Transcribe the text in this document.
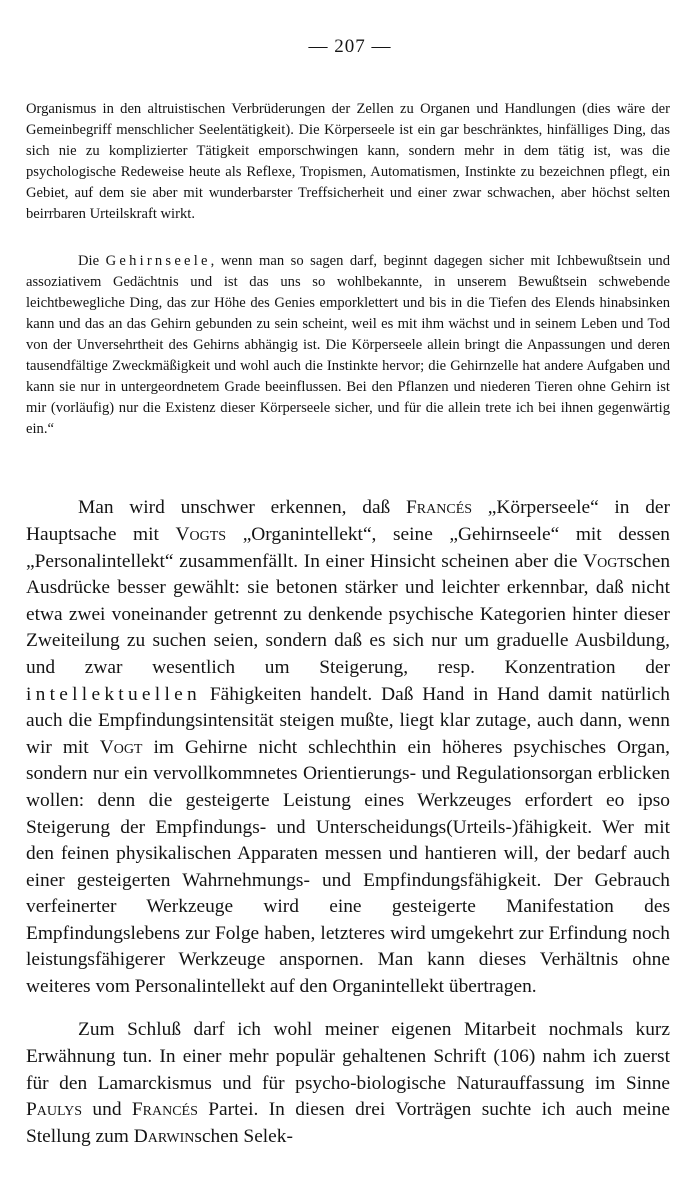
— 207 —

Organismus in den altruistischen Verbrüderungen der Zellen zu Organen und Handlungen (dies wäre der Gemeinbegriff menschlicher Seelentätigkeit). Die Körperseele ist ein gar beschränktes, hinfälliges Ding, das sich nie zu komplizierter Tätigkeit emporschwingen kann, sondern mehr in dem tätig ist, was die psychologische Redeweise heute als Reflexe, Tropismen, Automatismen, Instinkte zu bezeichnen pflegt, ein Gebiet, auf dem sie aber mit wunderbarster Treffsicherheit und einer zwar schwachen, aber höchst selten beirrbaren Urteilskraft wirkt.

Die Gehirnseele, wenn man so sagen darf, beginnt dagegen sicher mit Ichbewußtsein und assoziativem Gedächtnis und ist das uns so wohlbekannte, in unserem Bewußtsein schwebende leichtbewegliche Ding, das zur Höhe des Genies emporklettert und bis in die Tiefen des Elends hinabsinken kann und das an das Gehirn gebunden zu sein scheint, weil es mit ihm wächst und in seinem Leben und Tod von der Unversehrtheit des Gehirns abhängig ist. Die Körperseele allein bringt die Anpassungen und deren tausendfältige Zweckmäßigkeit und wohl auch die Instinkte hervor; die Gehirnzelle hat andere Aufgaben und kann sie nur in untergeordnetem Grade beeinflussen. Bei den Pflanzen und niederen Tieren ohne Gehirn ist mir (vorläufig) nur die Existenz dieser Körperseele sicher, und für die allein trete ich bei ihnen gegenwärtig ein.“

Man wird unschwer erkennen, daß Francés „Körperseele“ in der Hauptsache mit Vogts „Organintellekt“, seine „Gehirnseele“ mit dessen „Personalintellekt“ zusammenfällt. In einer Hinsicht scheinen aber die Vogtschen Ausdrücke besser gewählt: sie betonen stärker und leichter erkennbar, daß nicht etwa zwei voneinander getrennt zu denkende psychische Kategorien hinter dieser Zweiteilung zu suchen seien, sondern daß es sich nur um graduelle Ausbildung, und zwar wesentlich um Steigerung, resp. Konzentration der intellektuellen Fähigkeiten handelt. Daß Hand in Hand damit natürlich auch die Empfindungsintensität steigen mußte, liegt klar zutage, auch dann, wenn wir mit Vogt im Gehirne nicht schlechthin ein höheres psychisches Organ, sondern nur ein vervollkommnetes Orientierungs- und Regulationsorgan erblicken wollen: denn die gesteigerte Leistung eines Werkzeuges erfordert eo ipso Steigerung der Empfindungs- und Unterscheidungs(Urteils-)fähigkeit. Wer mit den feinen physikalischen Apparaten messen und hantieren will, der bedarf auch einer gesteigerten Wahrnehmungs- und Empfindungsfähigkeit. Der Gebrauch verfeinerter Werkzeuge wird eine gesteigerte Manifestation des Empfindungslebens zur Folge haben, letzteres wird umgekehrt zur Erfindung noch leistungsfähigerer Werkzeuge anspornen. Man kann dieses Verhältnis ohne weiteres vom Personalintellekt auf den Organintellekt übertragen.

Zum Schluß darf ich wohl meiner eigenen Mitarbeit nochmals kurz Erwähnung tun. In einer mehr populär gehaltenen Schrift (106) nahm ich zuerst für den Lamarckismus und für psycho-biologische Naturauffassung im Sinne Paulys und Francés Partei. In diesen drei Vorträgen suchte ich auch meine Stellung zum Darwinschen Selek-
